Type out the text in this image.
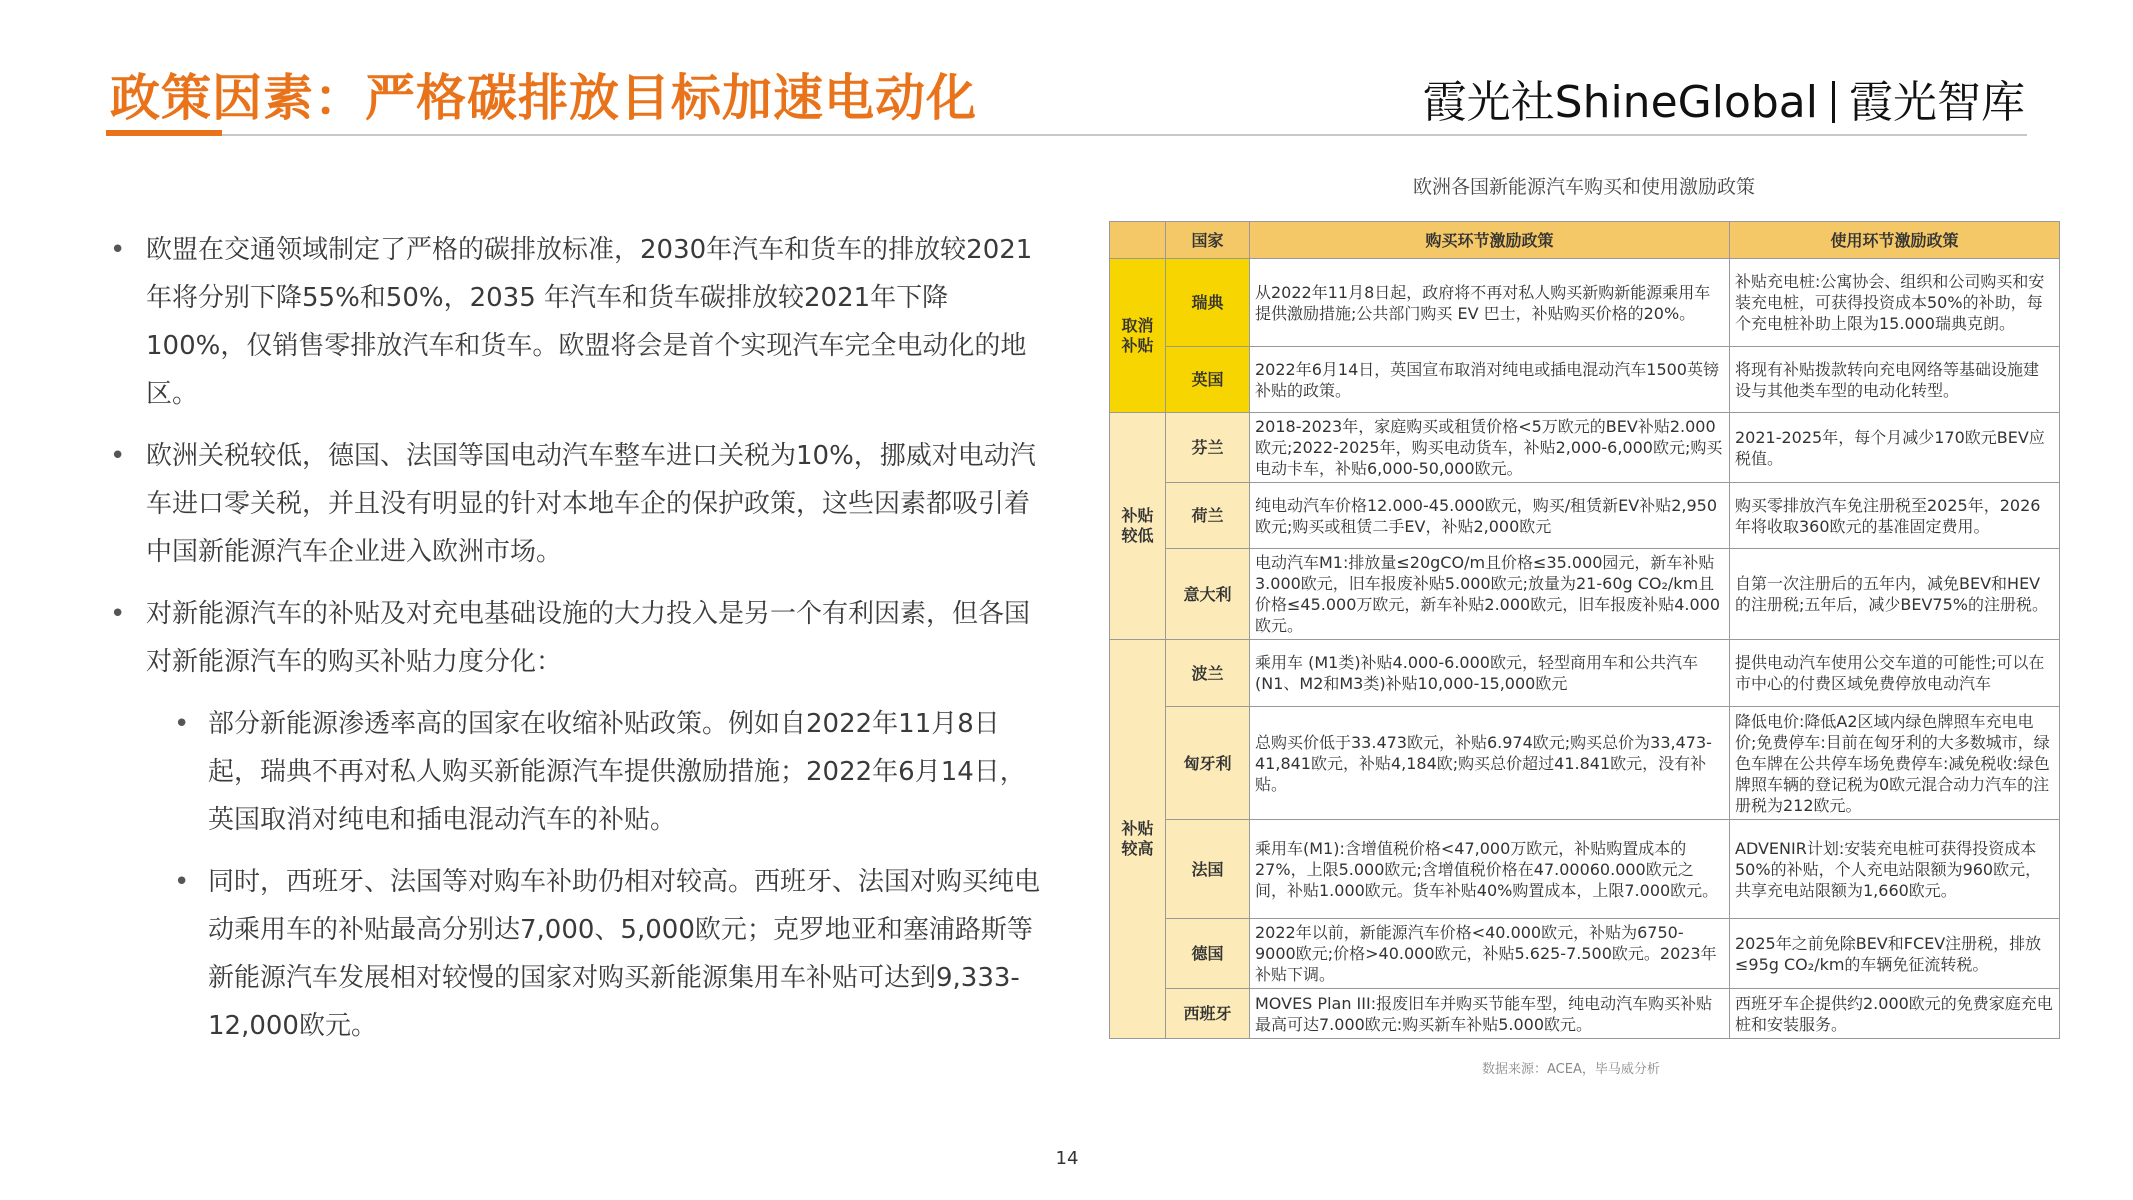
政策因素：严格碳排放目标加速电动化	霞光社ShineGlobal 霞光智库
• 欧盟在交通领域制定了严格的碳排放标准，2030年汽车和货车的排放较2021年将分别下降55%和50%，2035 年汽车和货车碳排放较2021年下降100%，仅销售零排放汽车和货车。欧盟将会是首个实现汽车完全电动化的地区。
• 欧洲关税较低，德国、法国等国电动汽车整车进口关税为10%，挪威对电动汽车进口零关税，并且没有明显的针对本地车企的保护政策，这些因素都吸引着中国新能源汽车企业进入欧洲市场。
• 对新能源汽车的补贴及对充电基础设施的大力投入是另一个有利因素，但各国对新能源汽车的购买补贴力度分化：
• 部分新能源渗透率高的国家在收缩补贴政策。例如自2022年11月8日起，瑞典不再对私人购买新能源汽车提供激励措施；2022年6月14日，英国取消对纯电和插电混动汽车的补贴。
• 同时，西班牙、法国等对购车补助仍相对较高。西班牙、法国对购买纯电动乘用车的补贴最高分别达7,000、5,000欧元；克罗地亚和塞浦路斯等新能源汽车发展相对较慢的国家对购买新能源集用车补贴可达到9,333-12,000欧元。
欧洲各国新能源汽车购买和使用激励政策
	国家	购买环节激励政策	使用环节激励政策
取消补贴	瑞典	从2022年11月8日起，政府将不再对私人购买新购新能源乘用车提供激励措施;公共部门购买 EV 巴士，补贴购买价格的20%。	补贴充电桩:公寓协会、组织和公司购买和安装充电桩，可获得投资成本50%的补助，每个充电桩补助上限为15.000瑞典克朗。
	英国	2022年6月14日，英国宣布取消对纯电或插电混动汽车1500英镑补贴的政策。	将现有补贴拨款转向充电网络等基础设施建设与其他类车型的电动化转型。
补贴较低	芬兰	2018-2023年，家庭购买或租赁价格<5万欧元的BEV补贴2.000欧元;2022-2025年，购买电动货车，补贴2,000-6,000欧元;购买电动卡车，补贴6,000-50,000欧元。	2021-2025年，每个月减少170欧元BEV应税值。
	荷兰	纯电动汽车价格12.000-45.000欧元，购买/租赁新EV补贴2,950欧元;购买或租赁二手EV，补贴2,000欧元	购买零排放汽车免注册税至2025年，2026年将收取360欧元的基准固定费用。
	意大利	电动汽车M1:排放量≤20gCO/m且价格≤35.000园元，新车补贴3.000欧元，旧车报废补贴5.000欧元;放量为21-60g CO₂/km且价格≤45.000万欧元，新车补贴2.000欧元，旧车报废补贴4.000欧元。	自第一次注册后的五年内，减免BEV和HEV的注册税;五年后，减少BEV75%的注册税。
补贴较高	波兰	乘用车 (M1类)补贴4.000-6.000欧元，轻型商用车和公共汽车(N1、M2和M3类)补贴10,000-15,000欧元	提供电动汽车使用公交车道的可能性;可以在市中心的付费区域免费停放电动汽车
	匈牙利	总购买价低于33.473欧元，补贴6.974欧元;购买总价为33,473-41,841欧元，补贴4,184欧;购买总价超过41.841欧元，没有补贴。	降低电价:降低A2区域内绿色牌照车充电电价;免费停车:目前在匈牙利的大多数城市，绿色车牌在公共停车场免费停车:减免税收:绿色牌照车辆的登记税为0欧元混合动力汽车的注册税为212欧元。
	法国	乘用车(M1):含增值税价格<47,000万欧元，补贴购置成本的27%，上限5.000欧元;含增值税价格在47.00060.000欧元之间，补贴1.000欧元。货车补贴40%购置成本，上限7.000欧元。	ADVENIR计划:安装充电桩可获得投资成本50%的补贴，个人充电站限额为960欧元，共享充电站限额为1,660欧元。
	德国	2022年以前，新能源汽车价格<40.000欧元，补贴为6750-9000欧元;价格>40.000欧元，补贴5.625-7.500欧元。2023年补贴下调。	2025年之前免除BEV和FCEV注册税，排放≤95g CO₂/km的车辆免征流转税。
	西班牙	MOVES Plan III:报废旧车并购买节能车型，纯电动汽车购买补贴最高可达7.000欧元:购买新车补贴5.000欧元。	西班牙车企提供约2.000欧元的免费家庭充电桩和安装服务。
数据来源：ACEA，毕马威分析
14
